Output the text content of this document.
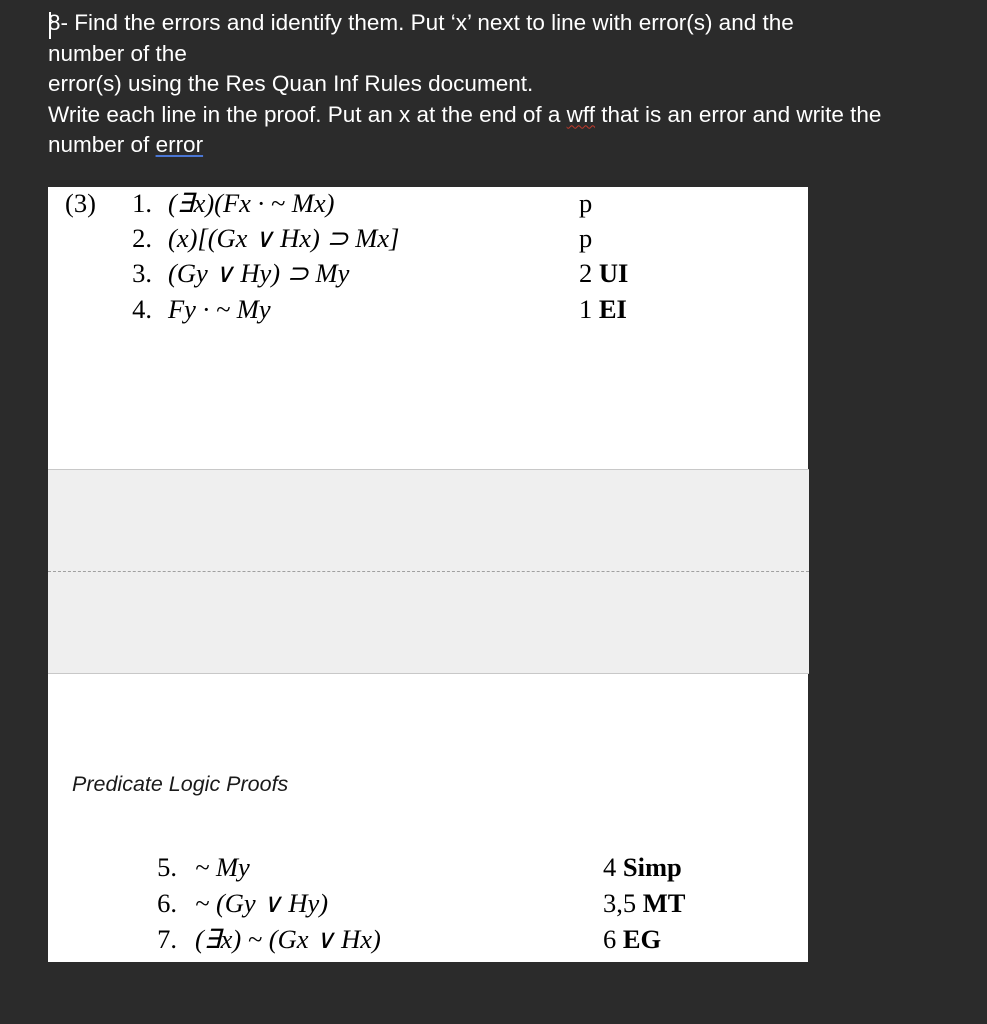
8- Find the errors and identify them. Put ‘x’ next to line with error(s) and the
number of the
error(s) using the Res Quan Inf Rules document.
Write each line in the proof. Put an x at the end of a wff that is an error and write the
number of error
(3)	1. (∃x)(Fx · ~ Mx)	p
2. (x)[(Gx ∨ Hx) ⊃ Mx]	p
3. (Gy ∨ Hy) ⊃ My	2 UI
4. Fy · ~ My	1 EI
Predicate Logic Proofs
5. ~ My	4 Simp
6. ~ (Gy ∨ Hy)	3,5 MT
7. (∃x) ~ (Gx ∨ Hx)	6 EG
